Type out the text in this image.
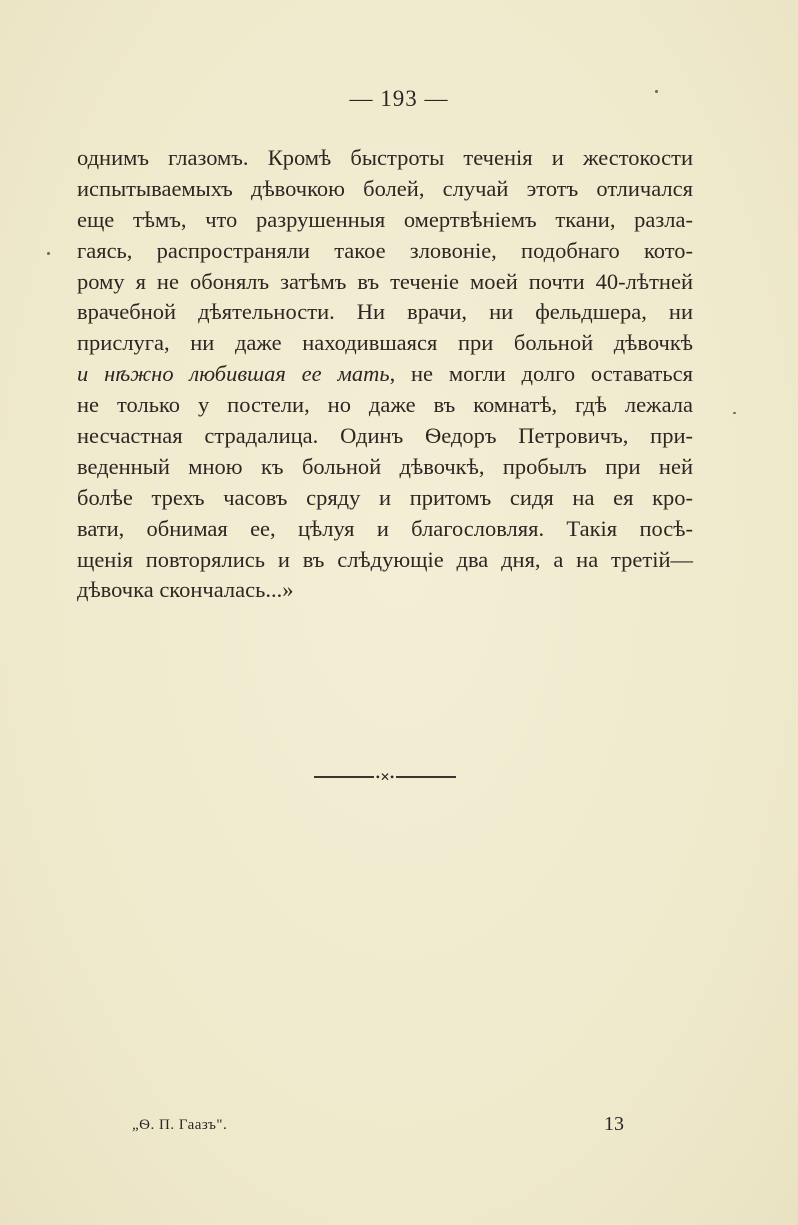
— 193 —
однимъ глазомъ. Кромѣ быстроты теченія и жестокости
испытываемыхъ дѣвочкою болей, случай этотъ отличался
еще тѣмъ, что разрушенныя омертвѣніемъ ткани, разла-
гаясь, распространяли такое зловоніе, подобнаго кото-
рому я не обонялъ затѣмъ въ теченіе моей почти 40-лѣтней
врачебной дѣятельности. Ни врачи, ни фельдшера, ни
прислуга, ни даже находившаяся при больной дѣвочкѣ
и нѣжно любившая ее мать, не могли долго оставаться
не только у постели, но даже въ комнатѣ, гдѣ лежала
несчастная страдалица. Одинъ Ѳедоръ Петровичъ, при-
веденный мною къ больной дѣвочкѣ, пробылъ при ней
болѣе трехъ часовъ сряду и притомъ сидя на ея кро-
вати, обнимая ее, цѣлуя и благословляя. Такія посѣ-
щенія повторялись и въ слѣдующіе два дня, а на третій—
дѣвочка скончалась...»
•✕•
„Ѳ. П. Гаазъ".	13
